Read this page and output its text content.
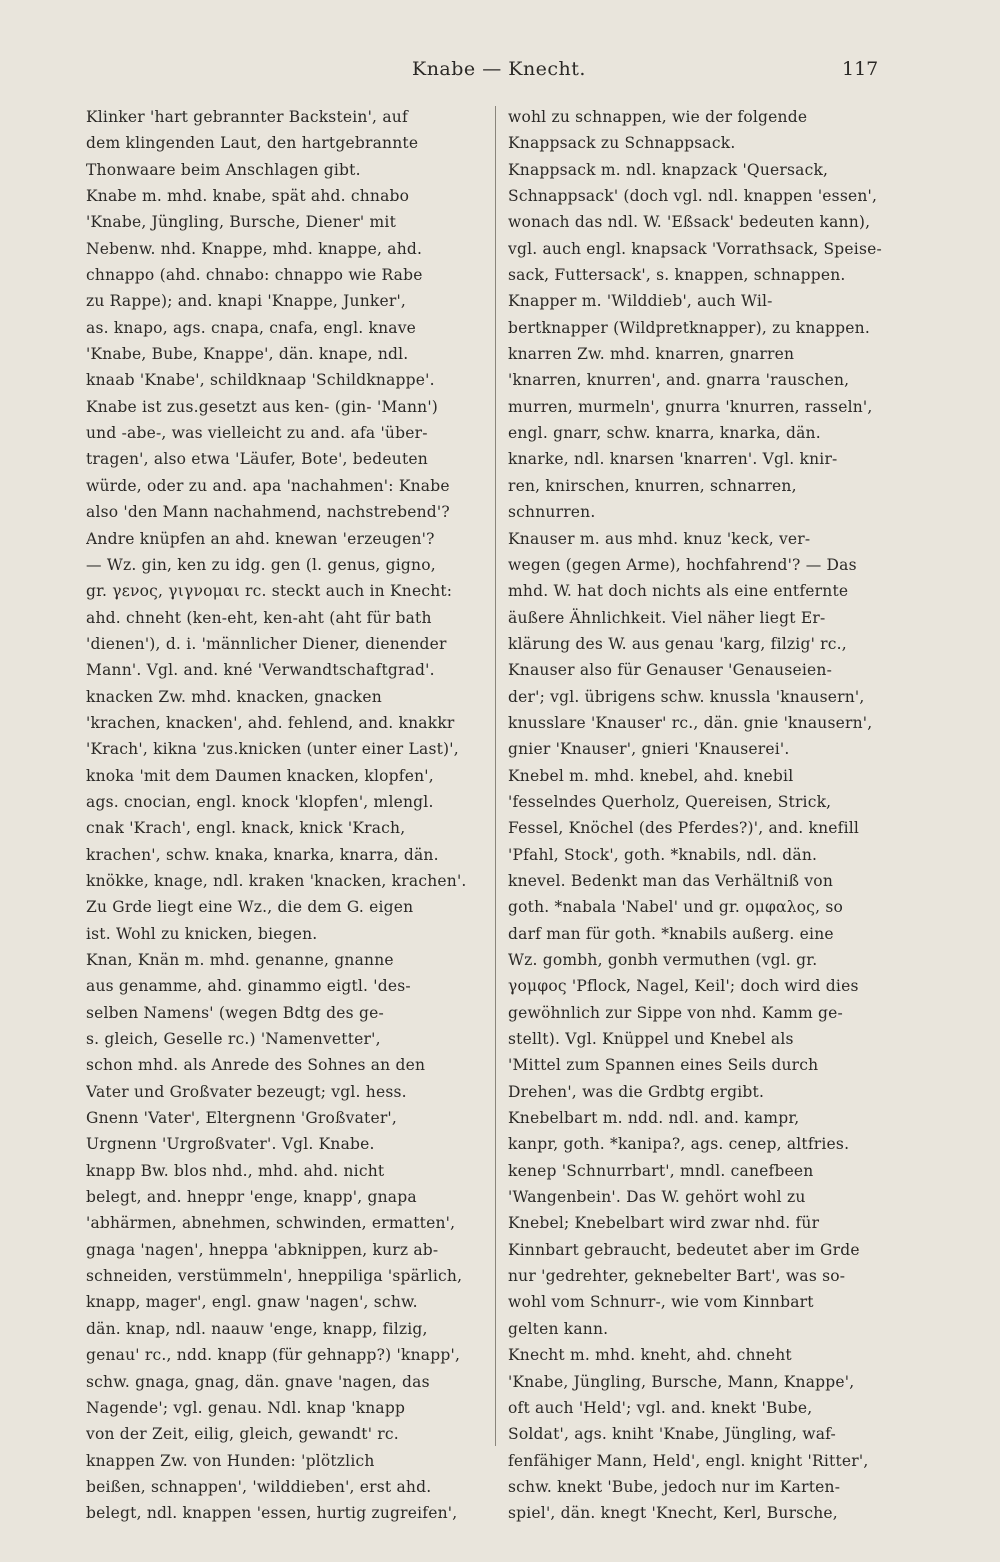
Knabe — Knecht.	117
Klinker 'hart gebrannter Backstein', auf
dem klingenden Laut, den hartgebrannte
Thonwaare beim Anschlagen gibt.
Knabe m. mhd. knabe, spät ahd. chnabo
'Knabe, Jüngling, Bursche, Diener' mit
Nebenw. nhd. Knappe, mhd. knappe, ahd.
chnappo (ahd. chnabo: chnappo wie Rabe
zu Rappe); and. knapi 'Knappe, Junker',
as. knapo, ags. cnapa, cnafa, engl. knave
'Knabe, Bube, Knappe', dän. knape, ndl.
knaab 'Knabe', schildknaap 'Schildknappe'.
Knabe ist zus.gesetzt aus ken- (gin- 'Mann')
und -abe-, was vielleicht zu and. afa 'über-
tragen', also etwa 'Läufer, Bote', bedeuten
würde, oder zu and. apa 'nachahmen': Knabe
also 'den Mann nachahmend, nachstrebend'?
Andre knüpfen an ahd. knewan 'erzeugen'?
— Wz. gin, ken zu idg. gen (l. genus, gigno,
gr. γενος, γιγνομαι rc. steckt auch in Knecht:
ahd. chneht (ken-eht, ken-aht (aht für bath
'dienen'), d. i. 'männlicher Diener, dienender
Mann'. Vgl. and. kné 'Verwandtschaftgrad'.
knacken Zw. mhd. knacken, gnacken
'krachen, knacken', ahd. fehlend, and. knakkr
'Krach', kikna 'zus.knicken (unter einer Last)',
knoka 'mit dem Daumen knacken, klopfen',
ags. cnocian, engl. knock 'klopfen', mlengl.
cnak 'Krach', engl. knack, knick 'Krach,
krachen', schw. knaka, knarka, knarra, dän.
knökke, knage, ndl. kraken 'knacken, krachen'.
Zu Grde liegt eine Wz., die dem G. eigen
ist. Wohl zu knicken, biegen.
Knan, Knän m. mhd. genanne, gnanne
aus genamme, ahd. ginammo eigtl. 'des-
selben Namens' (wegen Bdtg des ge-
s. gleich, Geselle rc.) 'Namenvetter',
schon mhd. als Anrede des Sohnes an den
Vater und Großvater bezeugt; vgl. hess.
Gnenn 'Vater', Eltergnenn 'Großvater',
Urgnenn 'Urgroßvater'. Vgl. Knabe.
knapp Bw. blos nhd., mhd. ahd. nicht
belegt, and. hneppr 'enge, knapp', gnapa
'abhärmen, abnehmen, schwinden, ermatten',
gnaga 'nagen', hneppa 'abknippen, kurz ab-
schneiden, verstümmeln', hneppiliga 'spärlich,
knapp, mager', engl. gnaw 'nagen', schw.
dän. knap, ndl. naauw 'enge, knapp, filzig,
genau' rc., ndd. knapp (für gehnapp?) 'knapp',
schw. gnaga, gnag, dän. gnave 'nagen, das
Nagende'; vgl. genau. Ndl. knap 'knapp
von der Zeit, eilig, gleich, gewandt' rc.
knappen Zw. von Hunden: 'plötzlich
beißen, schnappen', 'wilddieben', erst ahd.
belegt, ndl. knappen 'essen, hurtig zugreifen',
wohl zu schnappen, wie der folgende
Knappsack zu Schnappsack.
Knappsack m. ndl. knapzack 'Quersack,
Schnappsack' (doch vgl. ndl. knappen 'essen',
wonach das ndl. W. 'Eßsack' bedeuten kann),
vgl. auch engl. knapsack 'Vorrathsack, Speise-
sack, Futtersack', s. knappen, schnappen.
Knapper m. 'Wilddieb', auch Wil-
bertknapper (Wildpretknapper), zu knappen.
knarren Zw. mhd. knarren, gnarren
'knarren, knurren', and. gnarra 'rauschen,
murren, murmeln', gnurra 'knurren, rasseln',
engl. gnarr, schw. knarra, knarka, dän.
knarke, ndl. knarsen 'knarren'. Vgl. knir-
ren, knirschen, knurren, schnarren,
schnurren.
Knauser m. aus mhd. knuz 'keck, ver-
wegen (gegen Arme), hochfahrend'? — Das
mhd. W. hat doch nichts als eine entfernte
äußere Ähnlichkeit. Viel näher liegt Er-
klärung des W. aus genau 'karg, filzig' rc.,
Knauser also für Genauser 'Genauseien-
der'; vgl. übrigens schw. knussla 'knausern',
knusslare 'Knauser' rc., dän. gnie 'knausern',
gnier 'Knauser', gnieri 'Knauserei'.
Knebel m. mhd. knebel, ahd. knebil
'fesselndes Querholz, Quereisen, Strick,
Fessel, Knöchel (des Pferdes?)', and. knefill
'Pfahl, Stock', goth. *knabils, ndl. dän.
knevel. Bedenkt man das Verhältniß von
goth. *nabala 'Nabel' und gr. ομφαλος, so
darf man für goth. *knabils außerg. eine
Wz. gombh, gonbh vermuthen (vgl. gr.
γομφος 'Pflock, Nagel, Keil'; doch wird dies
gewöhnlich zur Sippe von nhd. Kamm ge-
stellt). Vgl. Knüppel und Knebel als
'Mittel zum Spannen eines Seils durch
Drehen', was die Grdbtg ergibt.
Knebelbart m. ndd. ndl. and. kampr,
kanpr, goth. *kanipa?, ags. cenep, altfries.
kenep 'Schnurrbart', mndl. canefbeen
'Wangenbein'. Das W. gehört wohl zu
Knebel; Knebelbart wird zwar nhd. für
Kinnbart gebraucht, bedeutet aber im Grde
nur 'gedrehter, geknebelter Bart', was so-
wohl vom Schnurr-, wie vom Kinnbart
gelten kann.
Knecht m. mhd. kneht, ahd. chneht
'Knabe, Jüngling, Bursche, Mann, Knappe',
oft auch 'Held'; vgl. and. knekt 'Bube,
Soldat', ags. kniht 'Knabe, Jüngling, waf-
fenfähiger Mann, Held', engl. knight 'Ritter',
schw. knekt 'Bube, jedoch nur im Karten-
spiel', dän. knegt 'Knecht, Kerl, Bursche,
